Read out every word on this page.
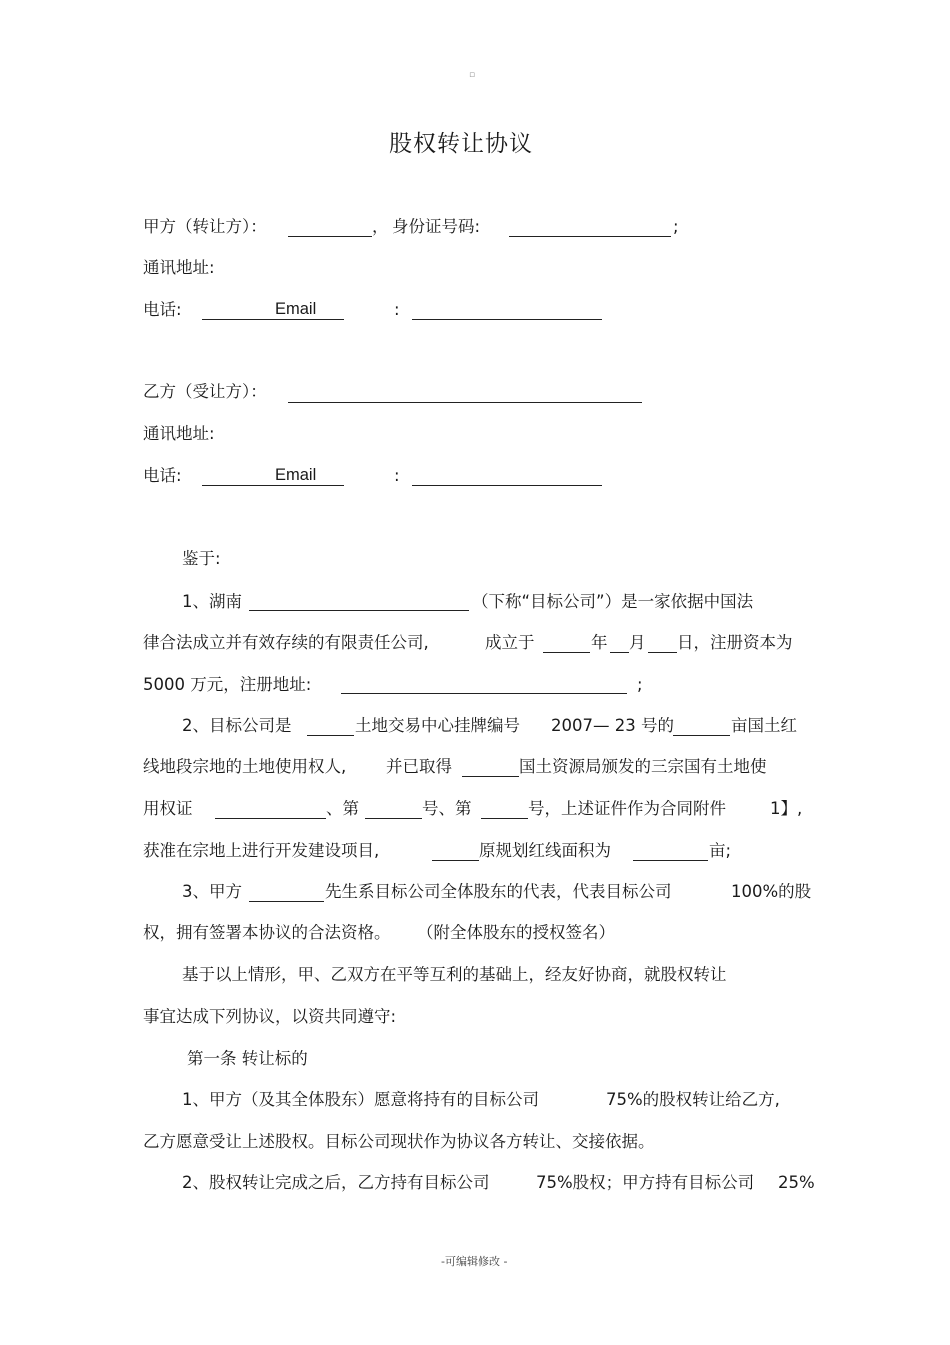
▫
股权转让协议
甲方（转让方）：	， 身份证号码:	;
通讯地址:
电话:	Email	:
乙方（受让方）：
通讯地址:
电话:	Email	:
鉴于:
1、湖南	（下称“目标公司”）是一家依据中国法
律合法成立并有效存续的有限责任公司,	成立于	年 月 日，注册资本为
5000 万元，注册地址:	;
2、目标公司是	土地交易中心挂牌编号 2007— 23 号的	亩国土红
线地段宗地的土地使用权人, 并已取得	国土资源局颁发的三宗国有土地使
用权证	、第	号、第	号，上述证件作为合同附件	1】,
获准在宗地上进行开发建设项目,	原规划红线面积为	亩;
3、甲方	先生系目标公司全体股东的代表，代表目标公司	100%的股
权，拥有签署本协议的合法资格。 （附全体股东的授权签名）
基于以上情形，甲、乙双方在平等互利的基础上，经友好协商，就股权转让
事宜达成下列协议，以资共同遵守:
第一条 转让标的
1、甲方（及其全体股东）愿意将持有的目标公司	75%的股权转让给乙方,
乙方愿意受让上述股权。目标公司现状作为协议各方转让、交接依据。
2、股权转让完成之后，乙方持有目标公司	75%股权；甲方持有目标公司 25%
-可编辑修改 -
